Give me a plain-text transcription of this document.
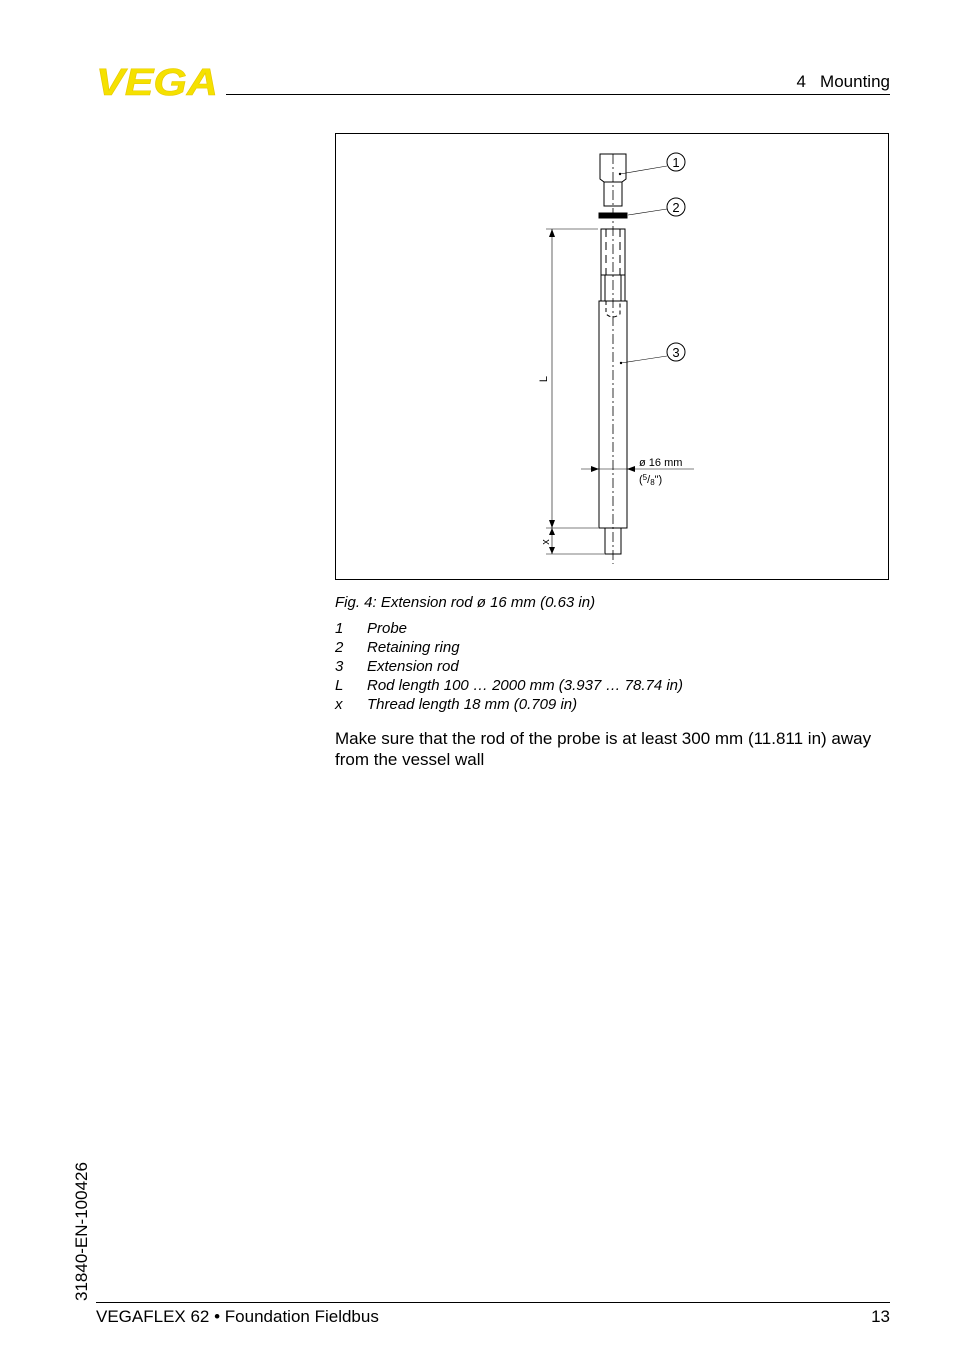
VEGA	4   Mounting
L
x
ø 16 mm
($^5$/8")
1
2
3
Fig. 4: Extension rod ø 16 mm (0.63 in)
1	Probe
2	Retaining ring
3	Extension rod
L	Rod length 100 … 2000 mm (3.937 … 78.74 in)
x	Thread length 18 mm (0.709 in)
Make sure that the rod of the probe is at least 300 mm (11.811 in) away from the vessel wall
31840-EN-100426
VEGAFLEX 62 • Foundation Fieldbus	13
